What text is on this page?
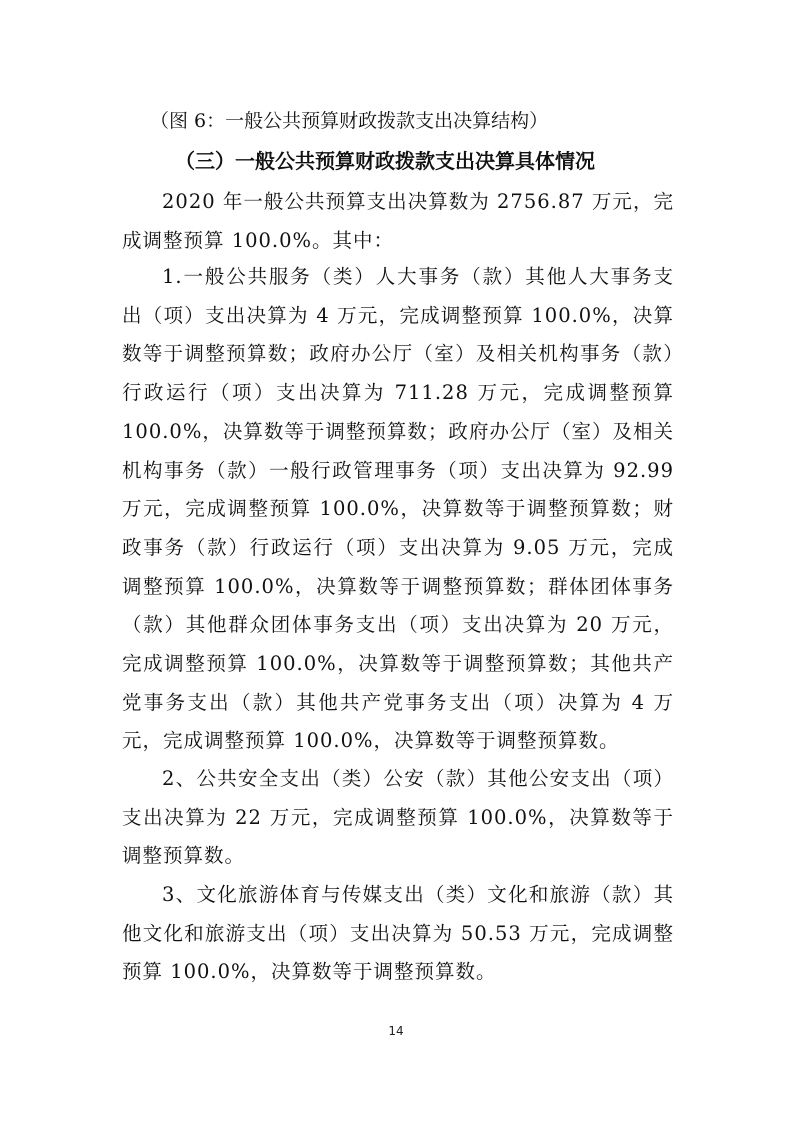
（图 6：一般公共预算财政拨款支出决算结构）
（三）一般公共预算财政拨款支出决算具体情况

2020 年一般公共预算支出决算数为 2756.87 万元，完成调整预算 100.0%。其中：

1.一般公共服务（类）人大事务（款）其他人大事务支出（项）支出决算为 4 万元，完成调整预算 100.0%，决算数等于调整预算数；政府办公厅（室）及相关机构事务（款）行政运行（项）支出决算为 711.28 万元，完成调整预算 100.0%，决算数等于调整预算数；政府办公厅（室）及相关机构事务（款）一般行政管理事务（项）支出决算为 92.99 万元，完成调整预算 100.0%，决算数等于调整预算数；财政事务（款）行政运行（项）支出决算为 9.05 万元，完成调整预算 100.0%，决算数等于调整预算数；群体团体事务（款）其他群众团体事务支出（项）支出决算为 20 万元，完成调整预算 100.0%，决算数等于调整预算数；其他共产党事务支出（款）其他共产党事务支出（项）决算为 4 万元，完成调整预算 100.0%，决算数等于调整预算数。

2、公共安全支出（类）公安（款）其他公安支出（项）支出决算为 22 万元，完成调整预算 100.0%，决算数等于调整预算数。

3、文化旅游体育与传媒支出（类）文化和旅游（款）其他文化和旅游支出（项）支出决算为 50.53 万元，完成调整预算 100.0%，决算数等于调整预算数。

14
